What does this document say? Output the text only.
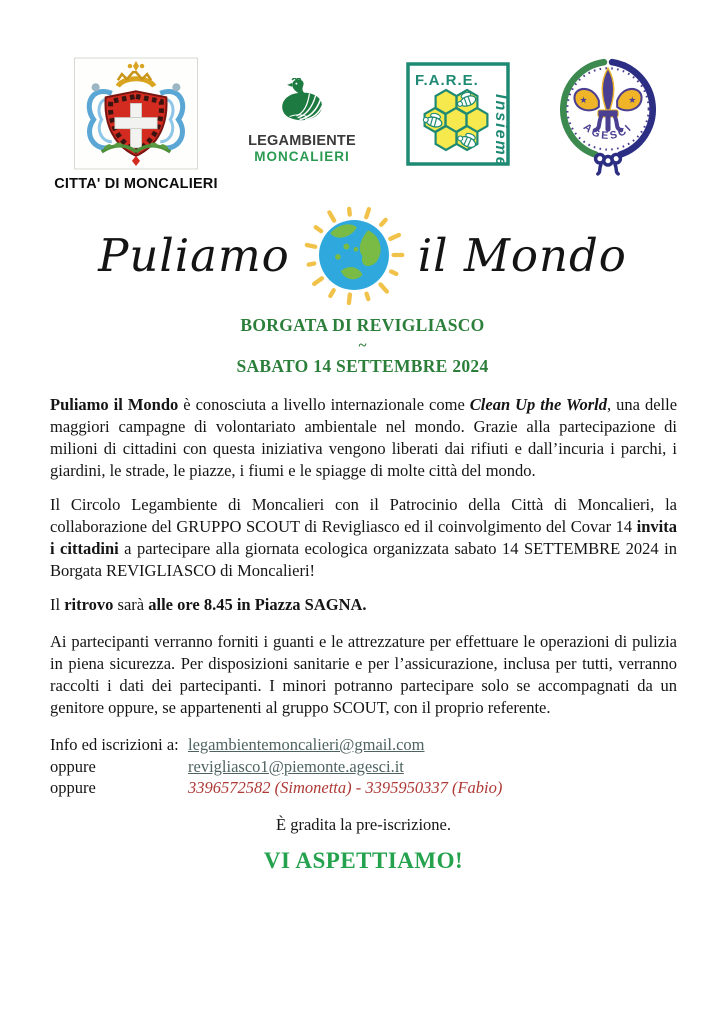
CITTA' DI MONCALIERI
LEGAMBIENTE
MONCALIERI
F.A.R.E.
Insieme	★	★
AGESCI
Puliamo	il Mondo
BORGATA DI REVIGLIASCO
~
SABATO 14 SETTEMBRE 2024

Puliamo il Mondo è conosciuta a livello internazionale come Clean Up the World, una delle maggiori campagne di volontariato ambientale nel mondo. Grazie alla partecipazione di milioni di cittadini con questa iniziativa vengono liberati dai rifiuti e dall’incuria i parchi, i giardini, le strade, le piazze, i fiumi e le spiagge di molte città del mondo.

Il Circolo Legambiente di Moncalieri con il Patrocinio della Città di Moncalieri, la collaborazione del GRUPPO SCOUT di Revigliasco ed il coinvolgimento del Covar 14 invita i cittadini a partecipare alla giornata ecologica organizzata sabato 14 SETTEMBRE 2024 in Borgata REVIGLIASCO di Moncalieri!

Il ritrovo sarà alle ore 8.45 in Piazza SAGNA.

Ai partecipanti verranno forniti i guanti e le attrezzature per effettuare le operazioni di pulizia in piena sicurezza. Per disposizioni sanitarie e per l’assicurazione, inclusa per tutti, verranno raccolti i dati dei partecipanti. I minori potranno partecipare solo se accompagnati da un genitore oppure, se appartenenti al gruppo SCOUT, con il proprio referente.

Info ed iscrizioni a: legambientemoncalieri@gmail.com
oppure	revigliasco1@piemonte.agesci.it
oppure	3396572582 (Simonetta) - 3395950337 (Fabio)
È gradita la pre-iscrizione.
VI ASPETTIAMO!
